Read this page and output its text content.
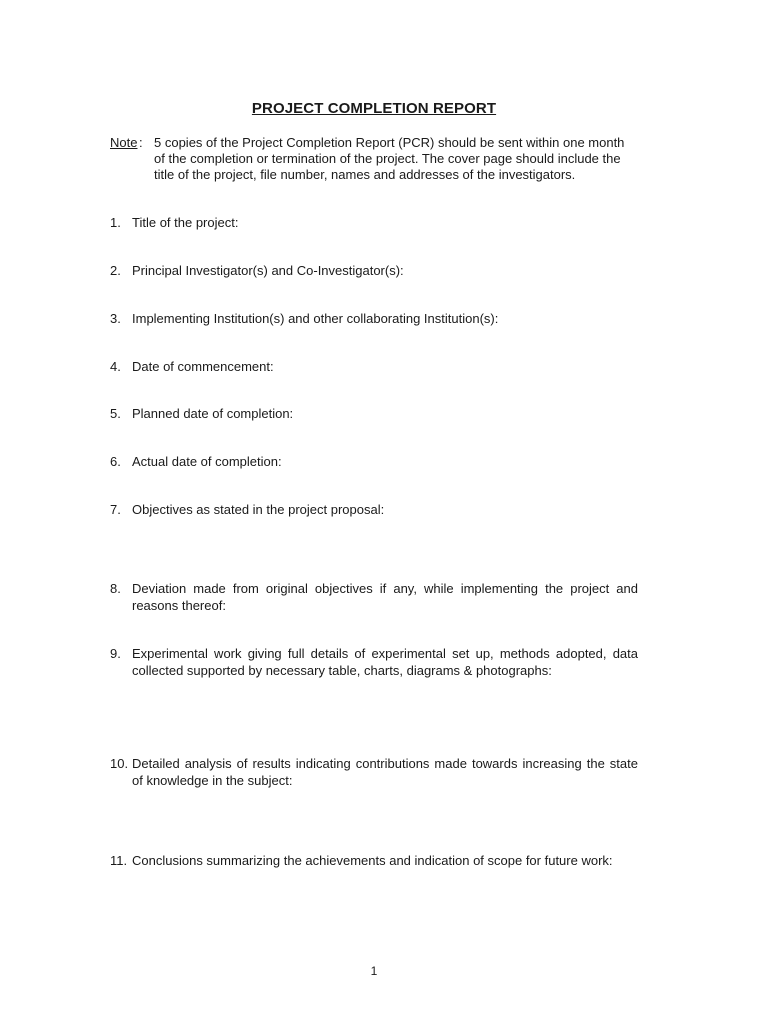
PROJECT COMPLETION REPORT
Note : 5 copies of the Project Completion Report (PCR) should be sent within one month
of the completion or termination of the project. The cover page should include the
title of the project, file number, names and addresses of the investigators.
1. Title of the project:
2. Principal Investigator(s) and Co-Investigator(s):
3. Implementing Institution(s) and other collaborating Institution(s):
4. Date of commencement:
5. Planned date of completion:
6. Actual date of completion:
7. Objectives as stated in the project proposal:
8. Deviation made from original objectives if any, while implementing the project and
reasons thereof:
9. Experimental work giving full details of experimental set up, methods adopted, data
collected supported by necessary table, charts, diagrams & photographs:
10. Detailed analysis of results indicating contributions made towards increasing the state
of knowledge in the subject:
11. Conclusions summarizing the achievements and indication of scope for future work:
1
